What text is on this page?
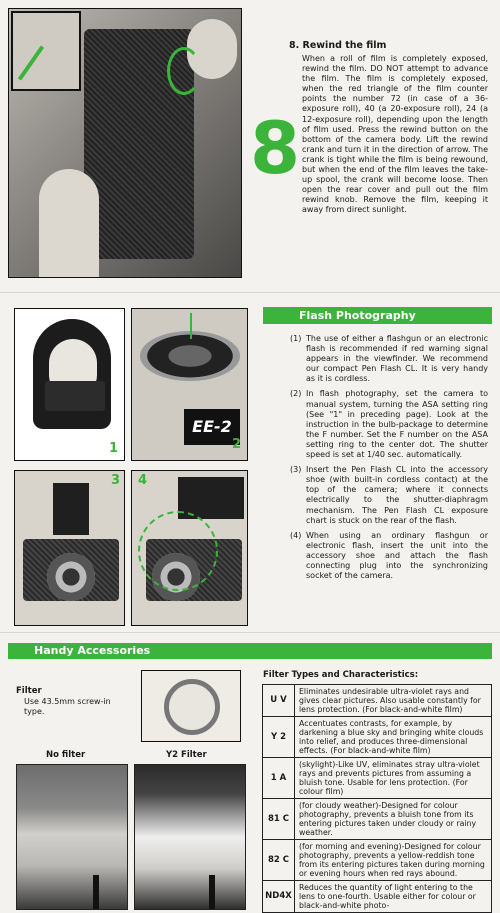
8
8. Rewind the film
When a roll of film is completely exposed, rewind the film. DO NOT attempt to advance the film. The film is completely exposed, when the red triangle of the film counter points the number 72 (in case of a 36-exposure roll), 40 (a 20-exposure roll), 24 (a 12-exposure roll), depending upon the length of film used. Press the rewind button on the bottom of the camera body. Lift the rewind crank and turn it in the direction of arrow. The crank is tight while the film is being rewound, but when the end of the film leaves the take-up spool, the crank will become loose. Then open the rear cover and pull out the film rewind knob. Remove the film, keeping it away from direct sunlight.
Flash Photography
1
EE-2
2
3 4
(1) The use of either a flashgun or an electronic flash is recommended if red warning signal appears in the viewfinder. We recommend our compact Pen Flash CL. It is very handy as it is cordless.
(2) In flash photography, set the camera to manual system, turning the ASA setting ring (See "1" in preceding page). Look at the instruction in the bulb-package to determine the F number. Set the F number on the ASA setting ring to the center dot. The shutter speed is set at 1/40 sec. automatically.
(3) Insert the Pen Flash CL into the accessory shoe (with built-in cordless contact) at the top of the camera; where it connects electrically to the shutter-diaphragm mechanism. The Pen Flash CL exposure chart is stuck on the rear of the flash.
(4) When using an ordinary flashgun or electronic flash, insert the unit into the accessory shoe and attach the flash connecting plug into the synchronizing socket of the camera.
Handy Accessories
Filter
Use 43.5mm screw-in type.
No filter	Y2 Filter
Filter Types and Characteristics:
U V	Eliminates undesirable ultra-violet rays and gives clear pictures. Also usable constantly for lens protection. (For black-and-white film)
Y 2	Accentuates contrasts, for example, by darkening a blue sky and bringing white clouds into relief, and produces three-dimensional effects. (For black-and-white film)
1 A	(skylight)-Like UV, eliminates stray ultra-violet rays and prevents pictures from assuming a bluish tone. Usable for lens protection. (For colour film)
81 C	(for cloudy weather)-Designed for colour photography, prevents a bluish tone from its entering pictures taken under cloudy or rainy weather.
82 C	(for morning and evening)-Designed for colour photography, prevents a yellow-reddish tone from its entering pictures taken during morning or evening hours when red rays abound.
ND4X	Reduces the quantity of light entering to the lens to one-fourth. Usable either for colour or black-and-white photo-
